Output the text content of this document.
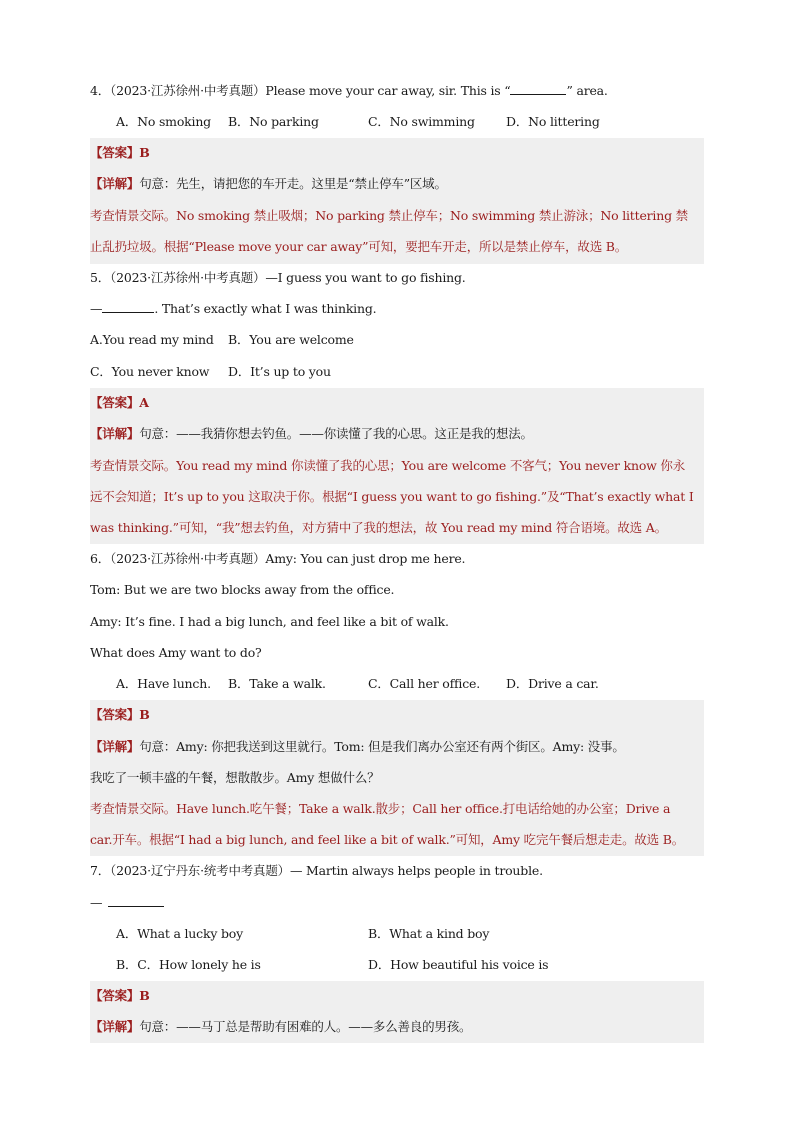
4．（2023·江苏徐州·中考真题）Please move your car away, sir. This is “	” area.
A．No smoking B．No parking	C．No swimming D．No littering
【答案】B
【详解】句意：先生，请把您的车开走。这里是“禁止停车”区域。
考查情景交际。No smoking 禁止吸烟；No parking 禁止停车；No swimming 禁止游泳；No littering 禁
止乱扔垃圾。根据“Please move your car away”可知，要把车开走，所以是禁止停车，故选 B。
5．（2023·江苏徐州·中考真题）—I guess you want to go fishing.
—	. That’s exactly what I was thinking.
A.You read my mind B．You are welcome
C．You never know D．It’s up to you
【答案】A
【详解】句意：——我猜你想去钓鱼。——你读懂了我的心思。这正是我的想法。
考查情景交际。You read my mind 你读懂了我的心思；You are welcome 不客气；You never know 你永
远不会知道；It’s up to you 这取决于你。根据“I guess you want to go fishing.”及“That’s exactly what I
was thinking.”可知，“我”想去钓鱼，对方猜中了我的想法，故 You read my mind 符合语境。故选 A。
6．（2023·江苏徐州·中考真题）Amy: You can just drop me here.
Tom: But we are two blocks away from the office.
Amy: It’s fine. I had a big lunch, and feel like a bit of walk.
What does Amy want to do?
A．Have lunch. B．Take a walk.	C．Call her office. D．Drive a car.
【答案】B
【详解】句意：Amy: 你把我送到这里就行。Tom: 但是我们离办公室还有两个街区。Amy: 没事。
我吃了一顿丰盛的午餐，想散散步。Amy 想做什么？
考查情景交际。Have lunch.吃午餐；Take a walk.散步；Call her office.打电话给她的办公室；Drive a
car.开车。根据“I had a big lunch, and feel like a bit of walk.”可知，Amy 吃完午餐后想走走。故选 B。
7．（2023·辽宁丹东·统考中考真题）— Martin always helps people in trouble.
—
A．What a lucky boy	B．What a kind boy
B．C．How lonely he is	D．How beautiful his voice is
【答案】B
【详解】句意：——马丁总是帮助有困难的人。——多么善良的男孩。
